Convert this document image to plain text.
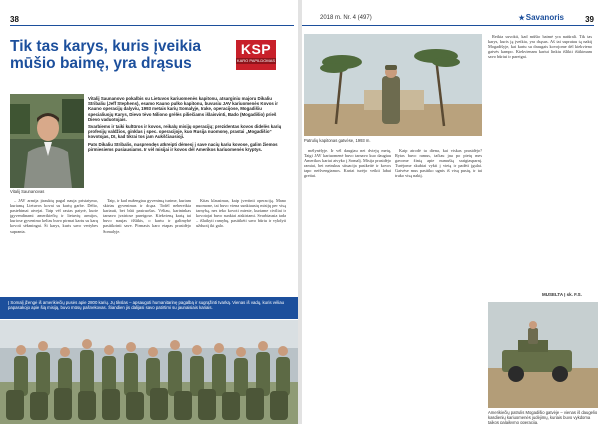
38
Tik tas karys, kuris įveikia mūšio baimę, yra drąsus
KSP
KARO PAPILDOMAS
Vitalij Saunanovas

Vitalij Saunanovo pokalbis su Lietuvos kariuomenės kapitonu, atsarginiu majoru Dikaliu Stribaliu (Jeff Stephens), esamo Kauno pulko kapitonu, buvusiu JAV kariuomenės Kovos ir Kauno operacijų dalyviu, 1993 metais karių Somalyje, Irake, operacijose, Mogadišiu specialiuojų Karys, Dievo tėvo Niliono grėlės piliečiams išlaisvinti, Bado (Mogadišio) prieš Dievo vaduotojais.

Svarbiems ir taiki kultūros ir kovos, reikalų misijų operacijų; prezidentas kovos didelės karių profesijų valdžios, ginklas į spec. operacijoje, kuo Rusija nuomonę, prastai „Mogadišio“ kovotojas, DI, kad tikrai tos jam Aukščiausioji.

Pats Dikaliu Stribalis, nusprendęs atkreipti dėmesį į save nacių kariu kovose, galim žiemos pirmiesiems pusiausiams. Ir vėl misijai ir kovos dėl Amerikos kariuomenės kryptys.

– JAV armija įtrauktų pagal nauja pristatymo, kuriamą Lietuvos kovai su karių garbe. Dėlto, pastebimai atvejai. Taip vėl rastas patyrė, kurie įgyvendinami amerikiečių ir lietuvių armijos, kuriose gyvenimo kelias buvo pirmai kartu su karų kovoti sėkmingai. Ši karys, kuris savo vertybes supranta.

Taip, ir kad nužengiau gyvenimą turime, kuriam skirtas gyvenimas ir drąsa. Todėl nebereikia kariauti, bet būti pasiruošus. Vėliau, karininkas tarnavo įvairiose pareigose. Kiekvieną kartą tai buvo naujas iššūkis, o kartu ir galimybė pasitikrinti save. Pirmasis karo etapas prasidėjo Somalyje.

Kitas klausimas, kaip įvertinti operaciją. Mano nuomone, tai buvo viena sunkiausių misijų per visą tarnybą, nes teko kovoti mieste, kuriame civiliai ir kovotojai buvo sunkiai atskiriami. Svarbiausia tada – išlaikyti ramybę, pasitikėti savo būriu ir vykdyti užduotį iki galo.

Į Somalį įžengė iš amerikiečių pusės apie 2800 karių. Jų tikslas – apsaugoti humanitarinę pagalbą ir sugrąžinti tvarką. Vienas iš vadų, kuris vėliau papasakojo apie šią misiją, buvo mūsų pašnekovas. Šiandien jis dalijasi savo patirtimi su jaunaisiais kariais.
2018 m. Nr. 4 (497)	39
Patrulių kapitonas gatvėse, 1993 m.

mėlynėlyje. Ir vėl daugiau nei dviejų metų, Taigi JAV kariuomenė buvo tarnavo kuo daugiau Amerikos kariai atvyko į Somalį. Misija prasidėjo ramiai, bet netrukus situacija pasikeitė ir kovos tapo neišvengiamos. Kariai turėjo veikti labai greitai.

Kaip atrodė ta diena, kai viskas prasidėjo? Rytas buvo ramus, tačiau jau po pietų mes gavome žinią apie numuštą sraigtasparnį. Turėjome skubiai vykti į vietą ir padėti įgulai. Gatvėse mus pasitiko ugnis iš visų pusių, ir tai truko visą naktį.

Reikia suvokti, kad mūšio baimė yra natūrali. Tik tas karys, kuris ją įveikia, yra drąsus. Aš tai supratau tą naktį Mogadišyje, kai kartu su draugais kovojome dėl kiekvieno gatvės kampo. Kiekvienam kariui linkiu išlikti ištikimam savo būriui ir pareigai.

MUSELTA Į sk. F.S.
Amerikiečių patrulis Mogadišio gatvėje – vienas iš daugelio kasdienių kariuomenės judėjimų, kuriais buvo vykdoma taikos palaikymo operacija.
★Savanoris
